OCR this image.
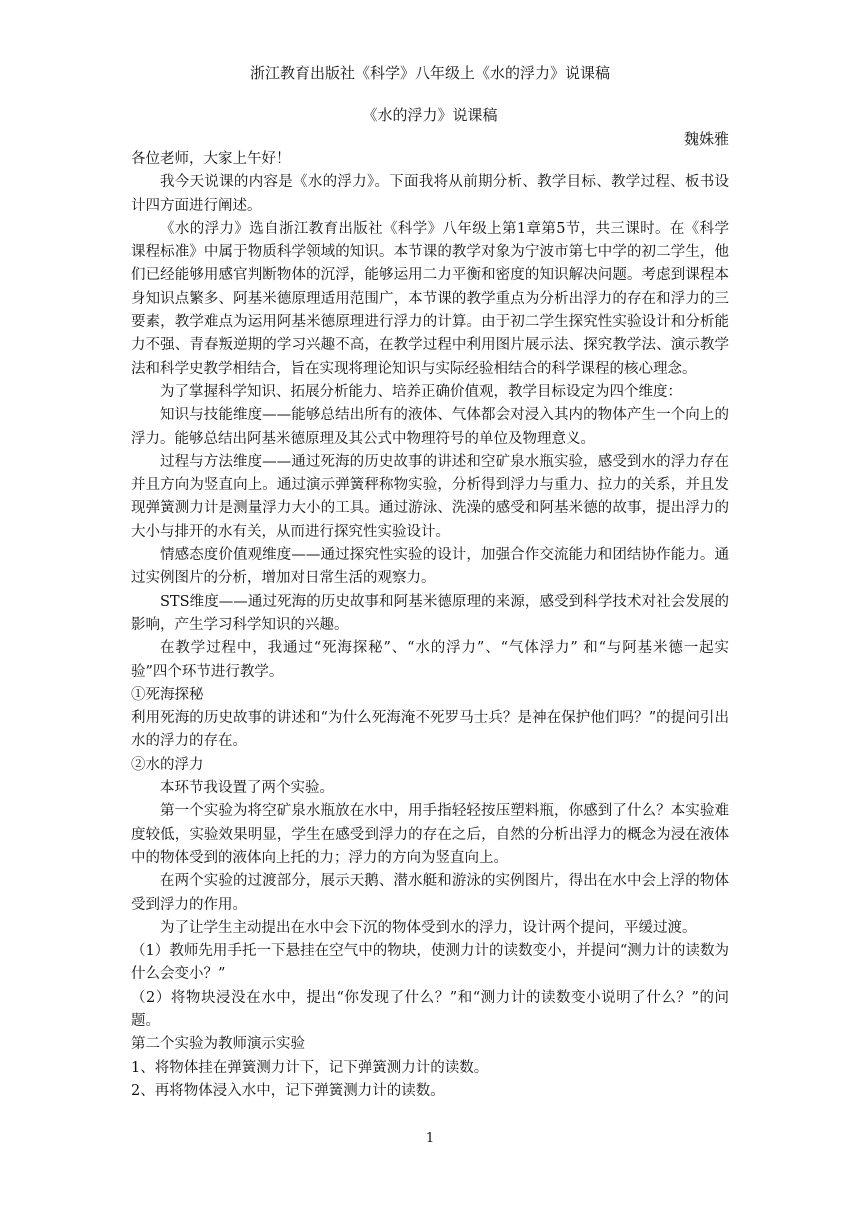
浙江教育出版社《科学》八年级上《水的浮力》说课稿
《水的浮力》说课稿
魏姝雅

各位老师，大家上午好！

我今天说课的内容是《水的浮力》。下面我将从前期分析、教学目标、教学过程、板书设计四方面进行阐述。

《水的浮力》选自浙江教育出版社《科学》八年级上第1章第5节，共三课时。在《科学课程标准》中属于物质科学领域的知识。本节课的教学对象为宁波市第七中学的初二学生，他们已经能够用感官判断物体的沉浮，能够运用二力平衡和密度的知识解决问题。考虑到课程本身知识点繁多、阿基米德原理适用范围广，本节课的教学重点为分析出浮力的存在和浮力的三要素，教学难点为运用阿基米德原理进行浮力的计算。由于初二学生探究性实验设计和分析能力不强、青春叛逆期的学习兴趣不高，在教学过程中利用图片展示法、探究教学法、演示教学法和科学史教学相结合，旨在实现将理论知识与实际经验相结合的科学课程的核心理念。

为了掌握科学知识、拓展分析能力、培养正确价值观，教学目标设定为四个维度：

知识与技能维度——能够总结出所有的液体、气体都会对浸入其内的物体产生一个向上的浮力。能够总结出阿基米德原理及其公式中物理符号的单位及物理意义。

过程与方法维度——通过死海的历史故事的讲述和空矿泉水瓶实验，感受到水的浮力存在并且方向为竖直向上。通过演示弹簧秤称物实验，分析得到浮力与重力、拉力的关系，并且发现弹簧测力计是测量浮力大小的工具。通过游泳、洗澡的感受和阿基米德的故事，提出浮力的大小与排开的水有关，从而进行探究性实验设计。

情感态度价值观维度——通过探究性实验的设计，加强合作交流能力和团结协作能力。通过实例图片的分析，增加对日常生活的观察力。

STS维度——通过死海的历史故事和阿基米德原理的来源，感受到科学技术对社会发展的影响，产生学习科学知识的兴趣。

在教学过程中，我通过“死海探秘”、“水的浮力”、“气体浮力” 和“与阿基米德一起实验”四个环节进行教学。

①死海探秘

利用死海的历史故事的讲述和“为什么死海淹不死罗马士兵？是神在保护他们吗？”的提问引出水的浮力的存在。

②水的浮力

本环节我设置了两个实验。

第一个实验为将空矿泉水瓶放在水中，用手指轻轻按压塑料瓶，你感到了什么？本实验难度较低，实验效果明显，学生在感受到浮力的存在之后，自然的分析出浮力的概念为浸在液体中的物体受到的液体向上托的力；浮力的方向为竖直向上。

在两个实验的过渡部分，展示天鹅、潜水艇和游泳的实例图片，得出在水中会上浮的物体受到浮力的作用。

为了让学生主动提出在水中会下沉的物体受到水的浮力，设计两个提问，平缓过渡。

（1）教师先用手托一下悬挂在空气中的物块，使测力计的读数变小，并提问“测力计的读数为什么会变小？”

（2）将物块浸没在水中，提出“你发现了什么？”和“测力计的读数变小说明了什么？”的问题。

第二个实验为教师演示实验

1、将物体挂在弹簧测力计下，记下弹簧测力计的读数。

2、再将物体浸入水中，记下弹簧测力计的读数。

1
